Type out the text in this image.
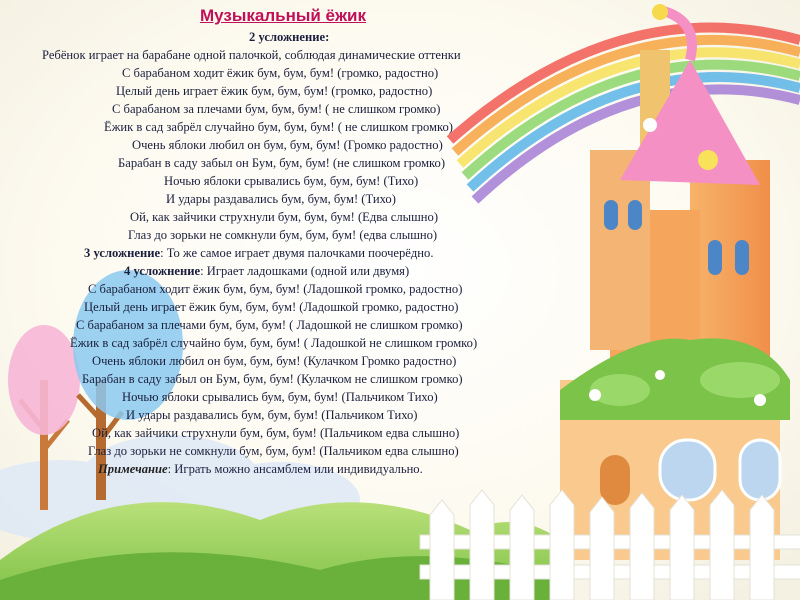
Музыкальный ёжик
2 усложнение:
Ребёнок играет на барабане одной палочкой, соблюдая динамические оттенки
С барабаном ходит ёжик бум, бум, бум! (громко, радостно)
Целый день играет ёжик бум, бум, бум! (громко, радостно)
С барабаном за плечами бум, бум, бум! ( не слишком громко)
Ёжик в сад забрёл случайно бум, бум, бум! ( не слишком громко)
Очень яблоки любил он бум, бум, бум! (Громко радостно)
Барабан в саду забыл он Бум, бум, бум! (не слишком громко)
Ночью яблоки срывались бум, бум, бум! (Тихо)
И удары раздавались бум, бум, бум! (Тихо)
Ой, как зайчики струхнули бум, бум, бум! (Едва слышно)
Глаз до зорьки не сомкнули бум, бум, бум! (едва слышно)
3 усложнение: То же самое играет двумя палочками поочерёдно.
4 усложнение: Играет ладошками (одной или двумя)
С барабаном ходит ёжик бум, бум, бум! (Ладошкой громко, радостно)
Целый день играет ёжик бум, бум, бум! (Ладошкой громко, радостно)
С барабаном за плечами бум, бум, бум! ( Ладошкой не слишком громко)
Ёжик в сад забрёл случайно бум, бум, бум! ( Ладошкой не слишком громко)
Очень яблоки любил он бум, бум, бум! (Кулачком Громко радостно)
Барабан в саду забыл он Бум, бум, бум! (Кулачком не слишком громко)
Ночью яблоки срывались бум, бум, бум! (Пальчиком Тихо)
И удары раздавались бум, бум, бум! (Пальчиком Тихо)
Ой, как зайчики струхнули бум, бум, бум! (Пальчиком едва слышно)
Глаз до зорьки не сомкнули бум, бум, бум! (Пальчиком едва слышно)
Примечание: Играть можно ансамблем или индивидуально.
